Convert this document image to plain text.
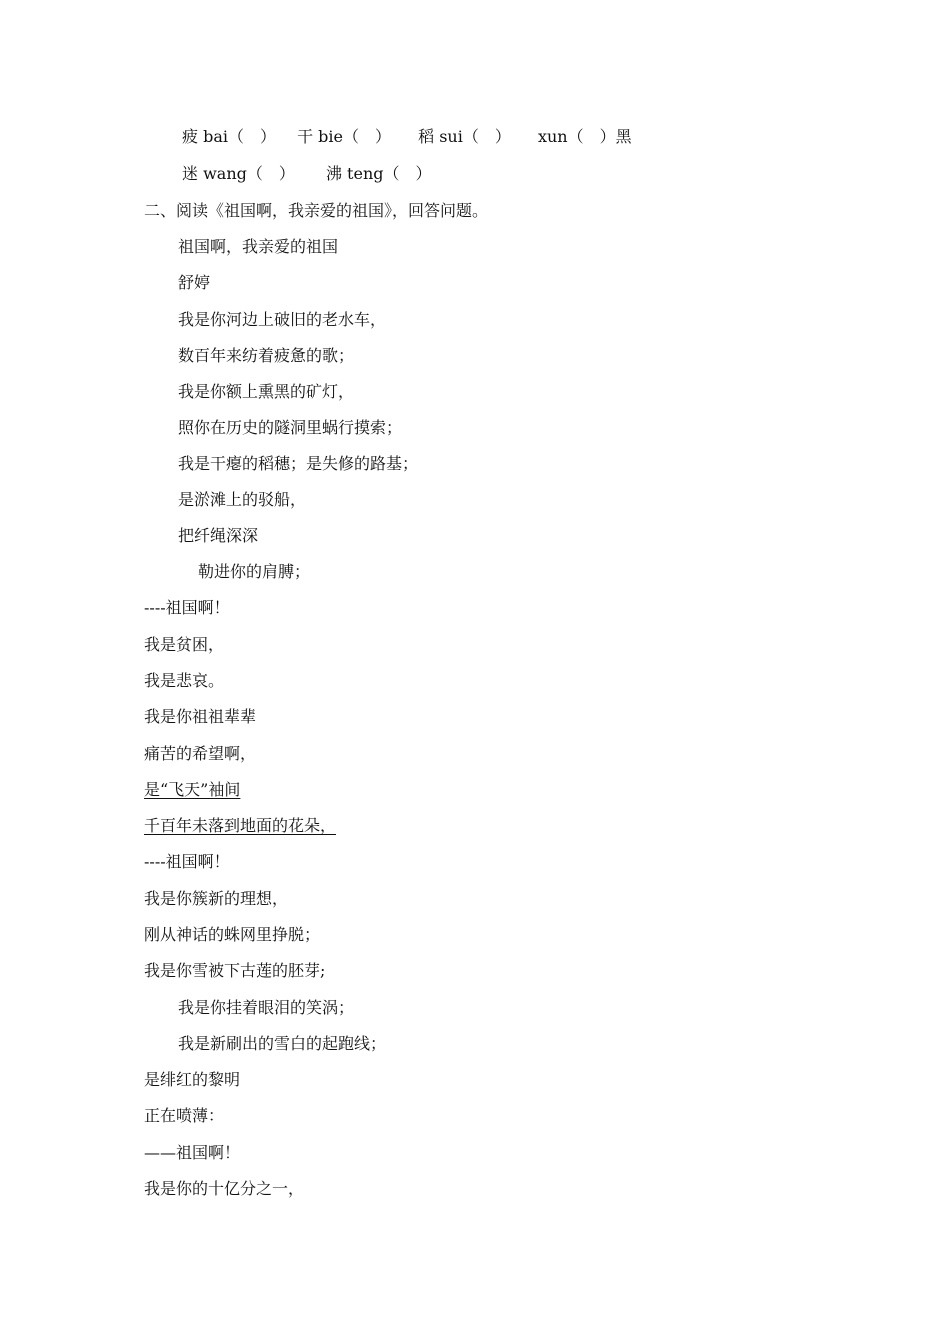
疲 bai（　） 干 bie（　） 稻 sui（　） xun（　）黑
迷 wang（　） 沸 teng（　）
二、阅读《祖国啊，我亲爱的祖国》，回答问题。
祖国啊，我亲爱的祖国
舒婷
我是你河边上破旧的老水车，
数百年来纺着疲惫的歌；
我是你额上熏黑的矿灯，
照你在历史的隧洞里蜗行摸索；
我是干瘪的稻穗；是失修的路基；
是淤滩上的驳船，
把纤绳深深
勒进你的肩膊；
----祖国啊！
我是贫困，
我是悲哀。
我是你祖祖辈辈
痛苦的希望啊，
是“飞天”袖间
千百年未落到地面的花朵，
----祖国啊！
我是你簇新的理想，
刚从神话的蛛网里挣脱；
我是你雪被下古莲的胚芽;
我是你挂着眼泪的笑涡；
我是新刷出的雪白的起跑线；
是绯红的黎明
正在喷薄：
——祖国啊！
我是你的十亿分之一，
